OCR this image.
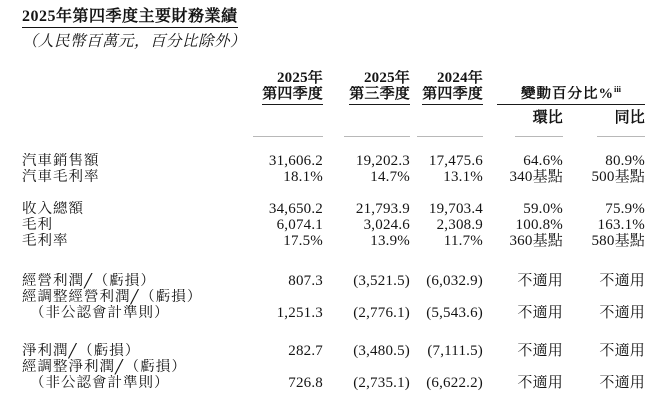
2025年第四季度主要財務業績
（人民幣百萬元，百分比除外）
	2025年	2025年	2024年		
	第四季度	第三季度	第四季度	變動百分比%$^{iii}$

				環比	同比

汽車銷售額	31,606.2	19,202.3	17,475.6	64.6%	80.9%
汽車毛利率	18.1%	14.7%	13.1%	340基點	500基點

收入總額	34,650.2	21,793.9	19,703.4	59.0%	75.9%
毛利	6,074.1	3,024.6	2,308.9	100.8%	163.1%
毛利率	17.5%	13.9%	11.7%	360基點	580基點

經營利潤╱（虧損）	807.3	(3,521.5)	(6,032.9)	不適用	不適用
經調整經營利潤╱（虧損）					
（非公認會計準則）	1,251.3	(2,776.1)	(5,543.6)	不適用	不適用

淨利潤╱（虧損）	282.7	(3,480.5)	(7,111.5)	不適用	不適用
經調整淨利潤╱（虧損）					
（非公認會計準則）	726.8	(2,735.1)	(6,622.2)	不適用	不適用
